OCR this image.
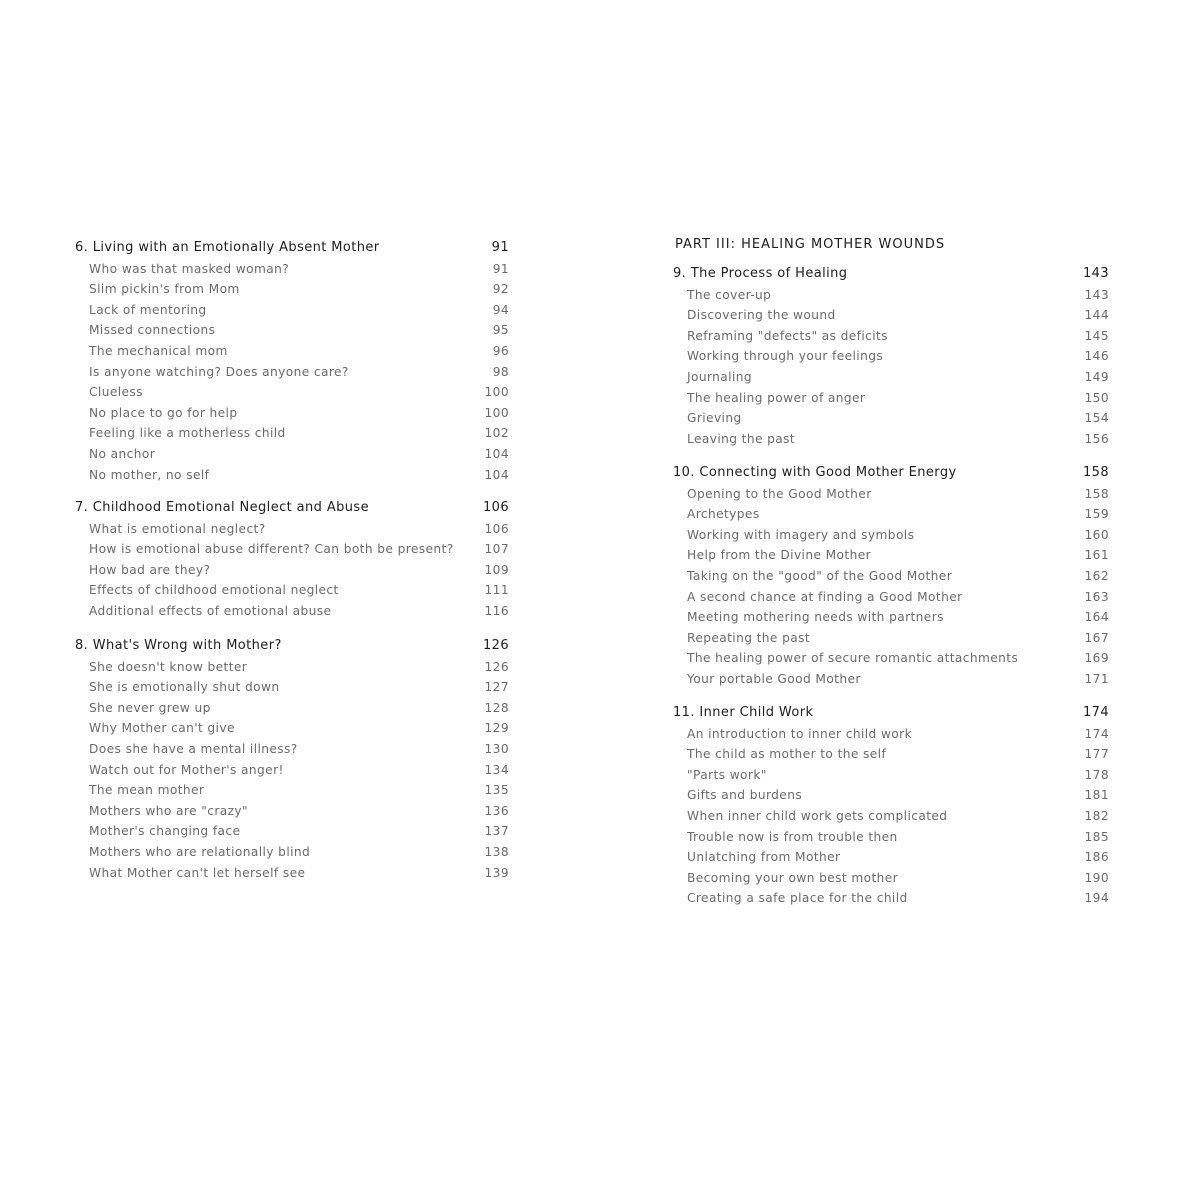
PART III: HEALING MOTHER WOUNDS
6. Living with an Emotionally Absent Mother	91
Who was that masked woman?	91
Slim pickin's from Mom	92
Lack of mentoring	94
Missed connections	95
The mechanical mom	96
Is anyone watching? Does anyone care?	98
Clueless	100
No place to go for help	100
Feeling like a motherless child	102
No anchor	104
No mother, no self	104
7. Childhood Emotional Neglect and Abuse	106
What is emotional neglect?	106
How is emotional abuse different? Can both be present?	107
How bad are they?	109
Effects of childhood emotional neglect	111
Additional effects of emotional abuse	116
8. What's Wrong with Mother?	126
She doesn't know better	126
She is emotionally shut down	127
She never grew up	128
Why Mother can't give	129
Does she have a mental illness?	130
Watch out for Mother's anger!	134
The mean mother	135
Mothers who are "crazy"	136
Mother's changing face	137
Mothers who are relationally blind	138
What Mother can't let herself see	139
9. The Process of Healing	143
The cover-up	143
Discovering the wound	144
Reframing "defects" as deficits	145
Working through your feelings	146
Journaling	149
The healing power of anger	150
Grieving	154
Leaving the past	156
10. Connecting with Good Mother Energy	158
Opening to the Good Mother	158
Archetypes	159
Working with imagery and symbols	160
Help from the Divine Mother	161
Taking on the "good" of the Good Mother	162
A second chance at finding a Good Mother	163
Meeting mothering needs with partners	164
Repeating the past	167
The healing power of secure romantic attachments	169
Your portable Good Mother	171
11. Inner Child Work	174
An introduction to inner child work	174
The child as mother to the self	177
"Parts work"	178
Gifts and burdens	181
When inner child work gets complicated	182
Trouble now is from trouble then	185
Unlatching from Mother	186
Becoming your own best mother	190
Creating a safe place for the child	194
